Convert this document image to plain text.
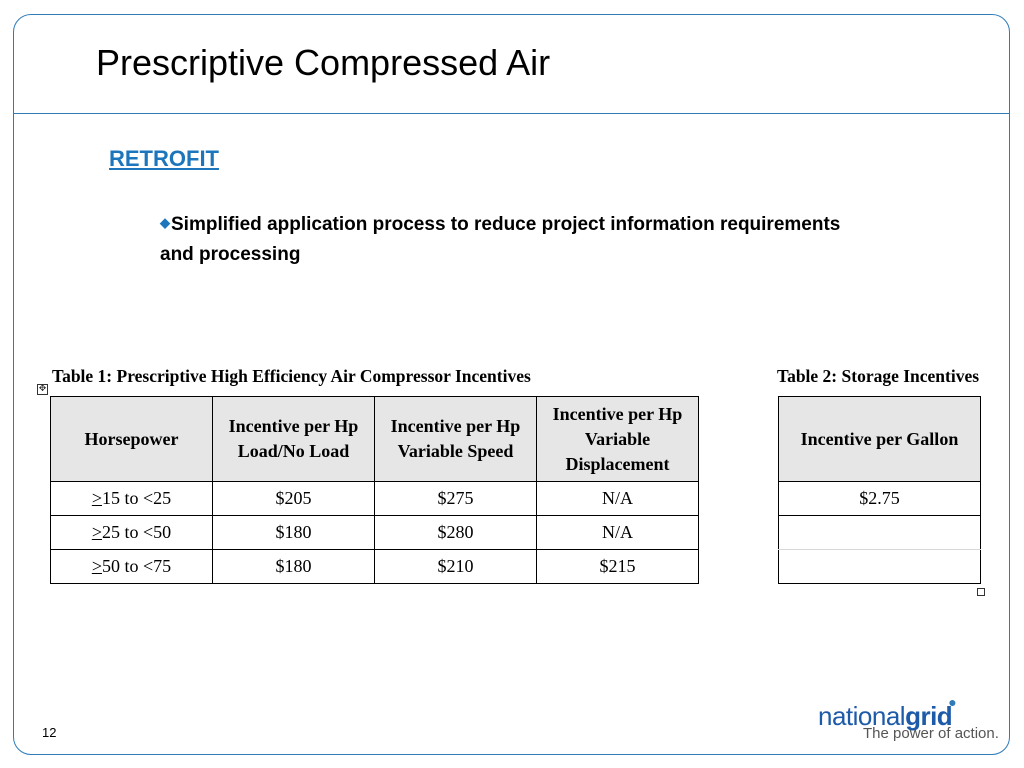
Prescriptive Compressed Air
RETROFIT
◆Simplified application process to reduce project information requirements and processing
Table 1: Prescriptive High Efficiency Air Compressor Incentives	Table 2: Storage Incentives
✥
Horsepower	Incentive per Hp Load/No Load	Incentive per Hp Variable Speed	Incentive per Hp Variable Displacement
≥15 to <25	$205	$275	N/A
≥25 to <50	$180	$280	N/A
≥50 to <75	$180	$210	$215
Incentive per Gallon
$2.75

12
nationalgrid●
The power of action.
